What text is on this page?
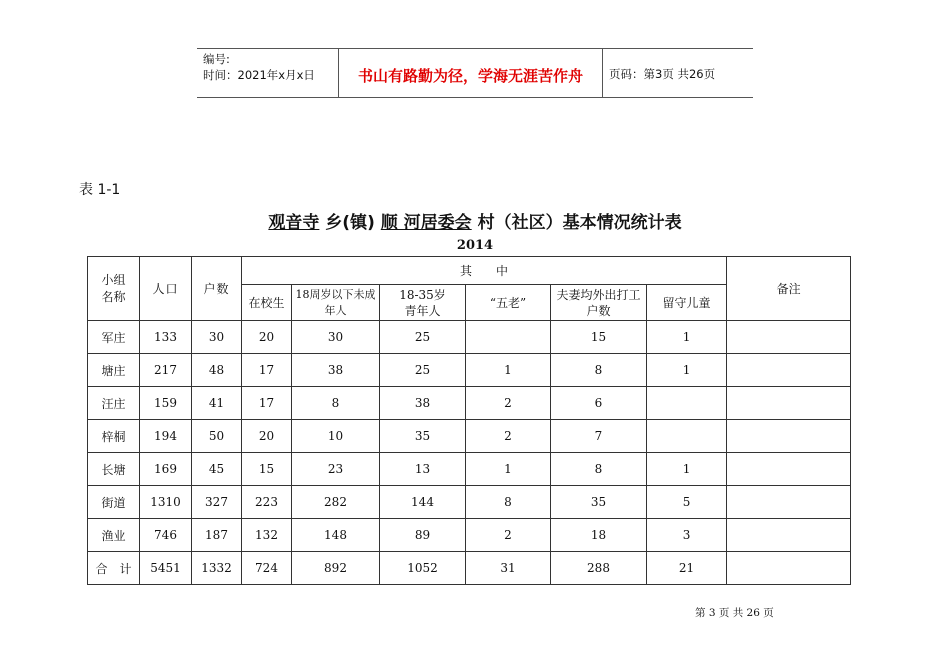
编号:
时间：2021年x月x日	书山有路勤为径，学海无涯苦作舟	页码：第3页 共26页
表 1-1
观音寺 乡(镇) 顺 河居委会 村（社区）基本情况统计表
2014
小组名称	人口	户数	其　　中						备注
			在校生	18周岁以下未成年人	18-35岁青年人	“五老”	夫妻均外出打工户数	留守儿童	
军庄	133	30	20	30	25		15	1	
塘庄	217	48	17	38	25	1	8	1	
汪庄	159	41	17	8	38	2	6		
梓桐	194	50	20	10	35	2	7		
长塘	169	45	15	23	13	1	8	1	
街道	1310	327	223	282	144	8	35	5	
渔业	746	187	132	148	89	2	18	3	
合　计	5451	1332	724	892	1052	31	288	21	
第 3 页 共 26 页
